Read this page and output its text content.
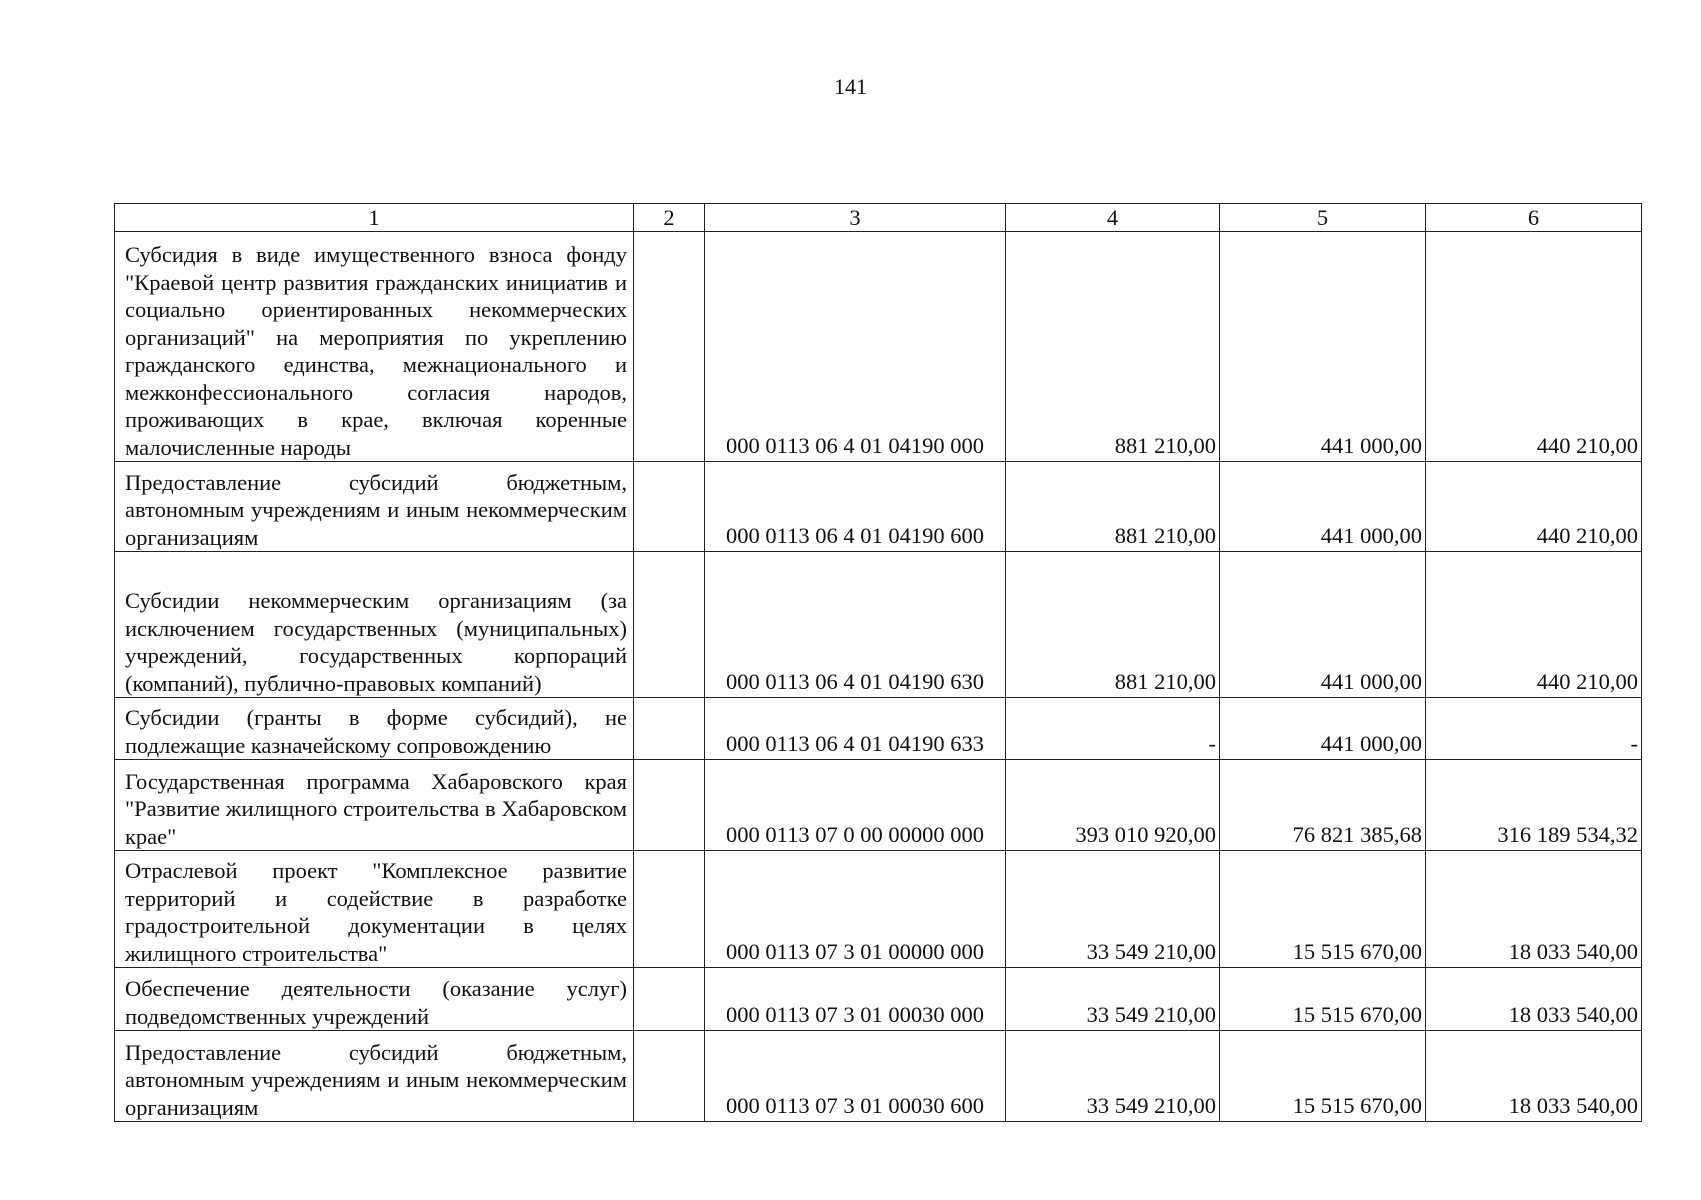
141
1	2	3	4	5	6
Субсидия в виде имущественного взноса фонду "Краевой центр развития гражданских инициатив и социально ориентированных некоммерческих организаций" на мероприятия по укреплению гражданского единства, межнационального и межконфессионального согласия народов, проживающих в крае, включая коренные малочисленные народы		000 0113 06 4 01 04190 000	881 210,00	441 000,00	440 210,00
Предоставление субсидий бюджетным, автономным учреждениям и иным некоммерческим организациям		000 0113 06 4 01 04190 600	881 210,00	441 000,00	440 210,00
Субсидии некоммерческим организациям (за исключением государственных (муниципальных) учреждений, государственных корпораций (компаний), публично-правовых компаний)		000 0113 06 4 01 04190 630	881 210,00	441 000,00	440 210,00
Субсидии (гранты в форме субсидий), не подлежащие казначейскому сопровождению		000 0113 06 4 01 04190 633	-	441 000,00	-
Государственная программа Хабаровского края "Развитие жилищного строительства в Хабаровском крае"		000 0113 07 0 00 00000 000	393 010 920,00	76 821 385,68	316 189 534,32
Отраслевой проект "Комплексное развитие территорий и содействие в разработке градостроительной документации в целях жилищного строительства"		000 0113 07 3 01 00000 000	33 549 210,00	15 515 670,00	18 033 540,00
Обеспечение деятельности (оказание услуг) подведомственных учреждений		000 0113 07 3 01 00030 000	33 549 210,00	15 515 670,00	18 033 540,00
Предоставление субсидий бюджетным, автономным учреждениям и иным некоммерческим организациям		000 0113 07 3 01 00030 600	33 549 210,00	15 515 670,00	18 033 540,00
